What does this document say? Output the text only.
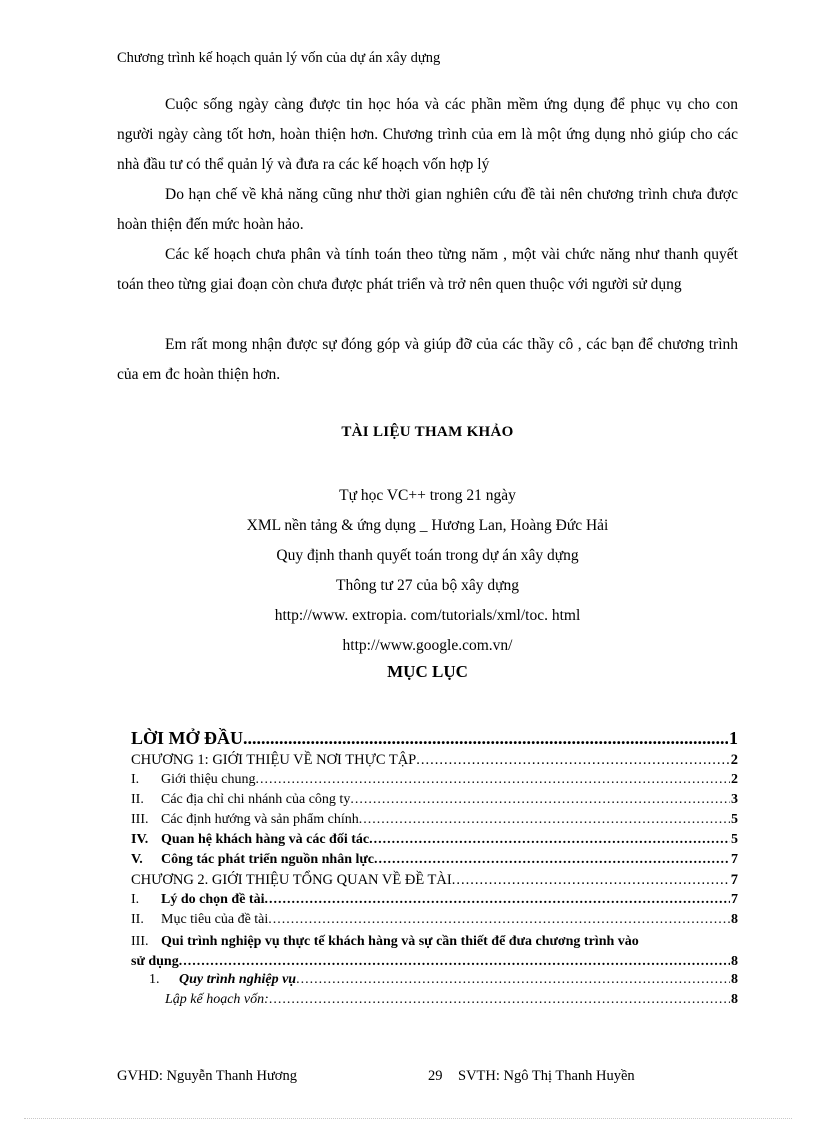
Chương trình kế hoạch quản lý vốn của dự án xây dựng
Cuộc sống ngày càng được tin học hóa và các phần mềm ứng dụng để phục vụ cho con người ngày càng tốt hơn, hoàn thiện hơn. Chương trình của em là một ứng dụng nhỏ giúp cho các nhà đầu tư có thể quản lý và đưa ra các kế hoạch vốn hợp lý
Do hạn chế về khả năng cũng như thời gian nghiên cứu đề tài nên chương trình chưa được hoàn thiện đến mức hoàn hảo.
Các kế hoạch chưa phân và tính toán theo từng năm , một vài chức năng như thanh quyết toán theo từng giai đoạn còn chưa được phát triển và trở nên quen thuộc với người sử dụng
Em rất mong nhận được sự đóng góp và giúp đỡ của các thầy cô , các bạn để chương trình của em đc hoàn thiện hơn.
TÀI LIỆU THAM KHẢO
Tự học VC++ trong 21 ngày
XML nền tảng & ứng dụng _ Hương Lan, Hoàng Đức Hải
Quy định thanh quyết toán trong dự án xây dựng
Thông tư 27 của bộ xây dựng
http://www. extropia. com/tutorials/xml/toc. html
http://www.google.com.vn/
MỤC LỤC
LỜI MỞ ĐẦU .....	1
CHƯƠNG 1: GIỚI THIỆU VỀ NƠI THỰC TẬP .....	2
I. Giới thiệu chung .....	2
II. Các địa chỉ chi nhánh của công ty .....	3
III. Các định hướng và sản phẩm chính .....	5
IV. Quan hệ khách hàng và các đối tác .....	5
V. Công tác phát triển nguồn nhân lực .....	7
CHƯƠNG 2. GIỚI THIỆU TỔNG QUAN VỀ ĐỀ TÀI .....	7
I. Lý do chọn đề tài .....	7
II. Mục tiêu của đề tài .....	8
III. Qui trình nghiệp vụ thực tế khách hàng và sự cần thiết để đưa chương trình vào
sử dụng .....	8
1. Quy trình nghiệp vụ .....	8
Lập kế hoạch vốn: .....	8
GVHD: Nguyễn Thanh Hương	29 SVTH: Ngô Thị Thanh Huyền
